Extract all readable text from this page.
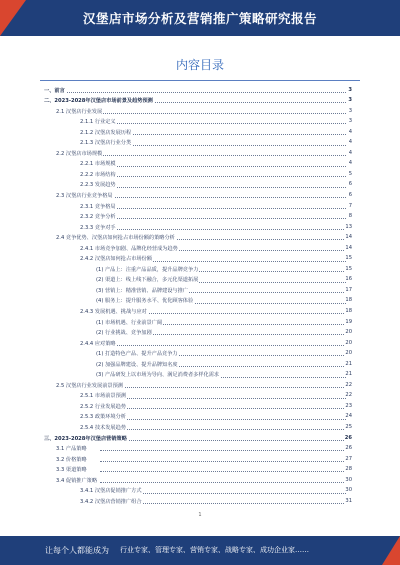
汉堡店市场分析及营销推广策略研究报告
内容目录
一、前言	3
二、2023-2028年汉堡店市场前景及趋势预测	3
2.1 汉堡店行业发展	3
2.1.1 行业定义	3
2.1.2 汉堡店发展历程	4
2.1.3 汉堡店行业分类	4
2.2 汉堡店市场规模	4
2.2.1 市场规模	4
2.2.2 市场结构	5
2.2.3 发展趋势	6
2.3 汉堡店行业竞争格局	6
2.3.1 竞争格局	7
2.3.2 竞争分析	8
2.3.3 竞争对手	13
2.4 竞争优势、汉堡店如何抢占市场份额的策略分析	14
2.4.1 市场竞争加剧、品牌化经营成为趋势	14
2.4.2 汉堡店如何抢占市场份额	15
(1) 产品上：注重产品品质，提升品牌竞争力	15
(2) 渠道上：线上线下融合，多元化渠道拓展	16
(3) 营销上：精准营销、品牌建设与推广	17
(4) 服务上：提升服务水平、优化顾客体验	18
2.4.3 发展机遇、挑战与应对	18
(1) 市场机遇、行业前景广阔	19
(2) 行业挑战、竞争加剧	20
2.4.4 应对策略	20
(1) 打造特色产品、提升产品竞争力	20
(2) 加强品牌建设、提升品牌知名度	21
(3) 产品研发上以市场为导向、满足消费者多样化需求	21
2.5 汉堡店行业发展前景预测	22
2.5.1 市场前景预测	22
2.5.2 行业发展趋势	23
2.5.3 政策环境分析	24
2.5.4 技术发展趋势	25
三、2023-2028年汉堡店营销策略	26
3.1 产品策略	26
3.2 价格策略	27
3.3 渠道策略	28
3.4 促销推广策略	30
3.4.1 汉堡店促销推广方式	30
3.4.2 汉堡店营销推广组合	31
1
让每个人都能成为 行业专家、管理专家、营销专家、战略专家、成功企业家……
